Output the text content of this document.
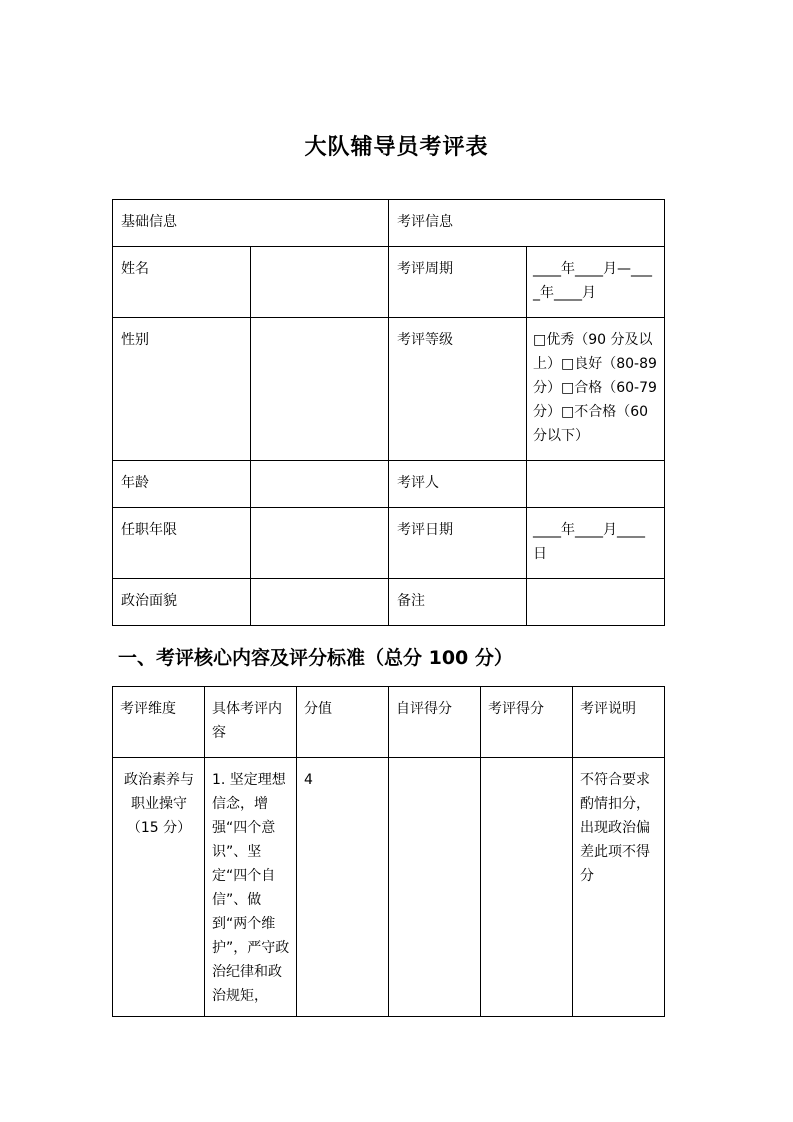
大队辅导员考评表
基础信息		考评信息	
姓名		考评周期	____年____月—____年____月
性别		考评等级	□优秀（90 分及以上）□良好（80-89 分）□合格（60-79 分）□不合格（60 分以下）
年龄		考评人	
任职年限		考评日期	____年____月____日
政治面貌		备注	
一、考评核心内容及评分标准（总分 100 分）
考评维度	具体考评内容	分值	自评得分	考评得分	考评说明
政治素养与职业操守（15 分）	1. 坚定理想信念，增强“四个意识”、坚定“四个自信”、做到“两个维护”，严守政治纪律和政治规矩，	4			不符合要求酌情扣分，出现政治偏差此项不得分
